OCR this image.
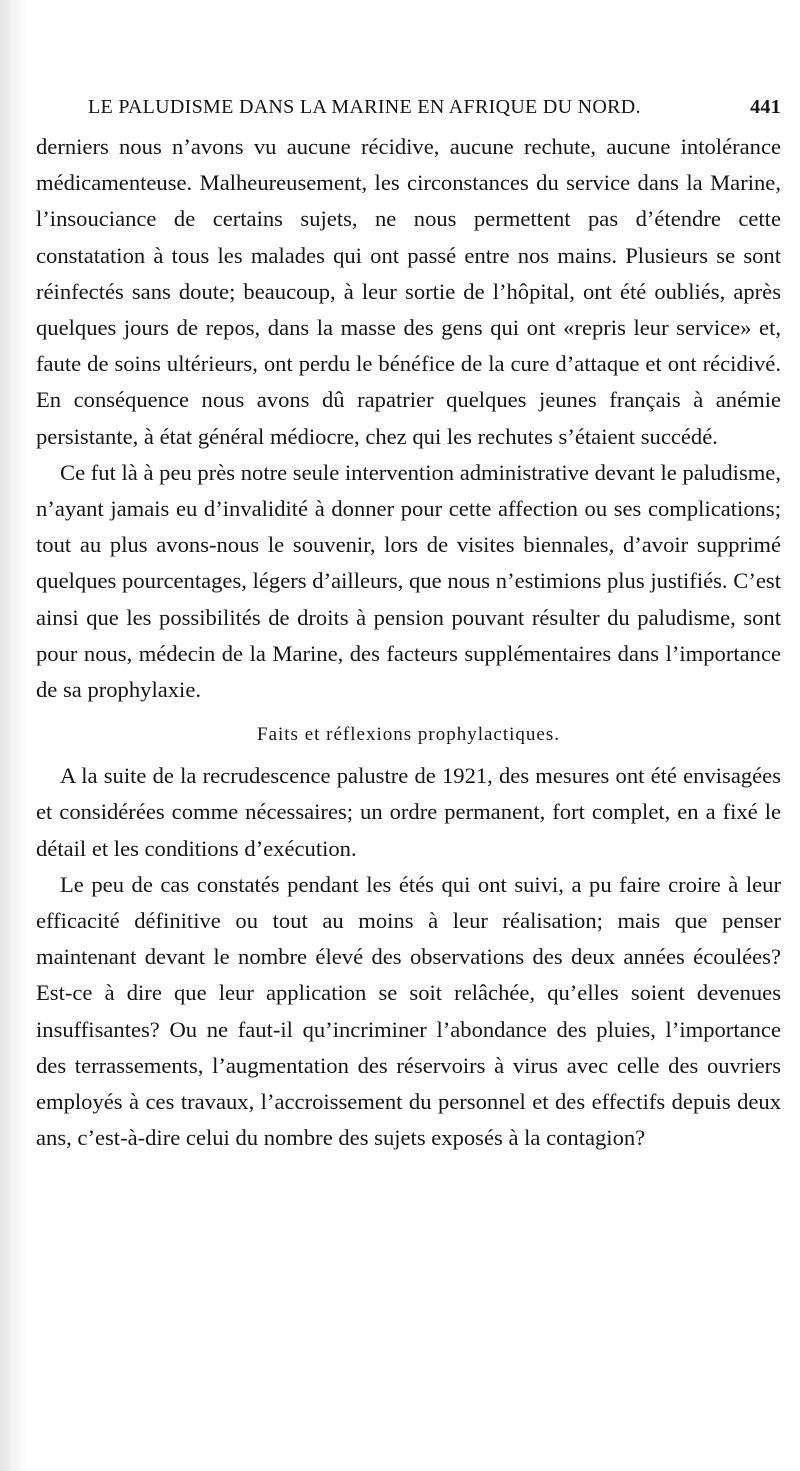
LE PALUDISME DANS LA MARINE EN AFRIQUE DU NORD.	441

derniers nous n’avons vu aucune récidive, aucune rechute, aucune intolérance médicamenteuse. Malheureusement, les circonstances du service dans la Marine, l’insouciance de certains sujets, ne nous permettent pas d’étendre cette constatation à tous les malades qui ont passé entre nos mains. Plusieurs se sont réinfectés sans doute; beaucoup, à leur sortie de l’hôpital, ont été oubliés, après quelques jours de repos, dans la masse des gens qui ont «repris leur service» et, faute de soins ultérieurs, ont perdu le bénéfice de la cure d’attaque et ont récidivé. En conséquence nous avons dû rapatrier quelques jeunes français à anémie persistante, à état général médiocre, chez qui les rechutes s’étaient succédé.

Ce fut là à peu près notre seule intervention administrative devant le paludisme, n’ayant jamais eu d’invalidité à donner pour cette affection ou ses complications; tout au plus avons-nous le souvenir, lors de visites biennales, d’avoir supprimé quelques pourcentages, légers d’ailleurs, que nous n’estimions plus justifiés. C’est ainsi que les possibilités de droits à pension pouvant résulter du paludisme, sont pour nous, médecin de la Marine, des facteurs supplémentaires dans l’importance de sa prophylaxie.

Faits et réflexions prophylactiques.

A la suite de la recrudescence palustre de 1921, des mesures ont été envisagées et considérées comme nécessaires; un ordre permanent, fort complet, en a fixé le détail et les conditions d’exécution.

Le peu de cas constatés pendant les étés qui ont suivi, a pu faire croire à leur efficacité définitive ou tout au moins à leur réalisation; mais que penser maintenant devant le nombre élevé des observations des deux années écoulées? Est-ce à dire que leur application se soit relâchée, qu’elles soient devenues insuffisantes? Ou ne faut-il qu’incriminer l’abondance des pluies, l’importance des terrassements, l’augmentation des réservoirs à virus avec celle des ouvriers employés à ces travaux, l’accroissement du personnel et des effectifs depuis deux ans, c’est-à-dire celui du nombre des sujets exposés à la contagion?
